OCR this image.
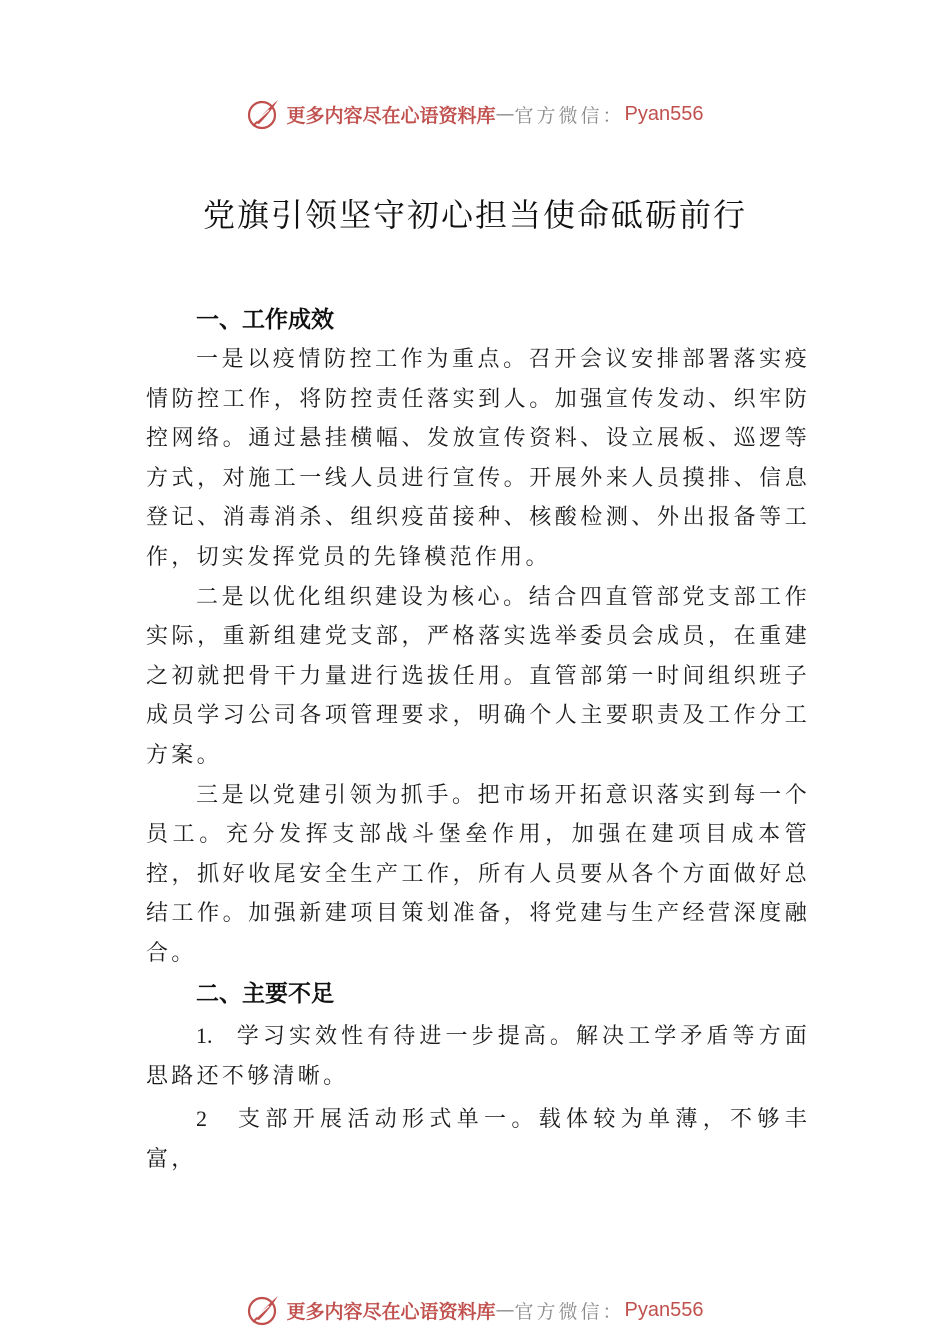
更多内容尽在心语资料库 — 官方微信： Pyan556
党旗引领坚守初心担当使命砥砺前行
一、工作成效

一是以疫情防控工作为重点。召开会议安排部署落实疫情防控工作，将防控责任落实到人。加强宣传发动、织牢防控网络。通过悬挂横幅、发放宣传资料、设立展板、巡逻等方式，对施工一线人员进行宣传。开展外来人员摸排、信息登记、消毒消杀、组织疫苗接种、核酸检测、外出报备等工作，切实发挥党员的先锋模范作用。

二是以优化组织建设为核心。结合四直管部党支部工作实际，重新组建党支部，严格落实选举委员会成员，在重建之初就把骨干力量进行选拔任用。直管部第一时间组织班子成员学习公司各项管理要求，明确个人主要职责及工作分工方案。

三是以党建引领为抓手。把市场开拓意识落实到每一个员工。充分发挥支部战斗堡垒作用，加强在建项目成本管控，抓好收尾安全生产工作，所有人员要从各个方面做好总结工作。加强新建项目策划准备，将党建与生产经营深度融合。

二、主要不足

1. 学习实效性有待进一步提高。解决工学矛盾等方面思路还不够清晰。

2 支部开展活动形式单一。载体较为单薄，不够丰富，

更多内容尽在心语资料库 — 官方微信： Pyan556
